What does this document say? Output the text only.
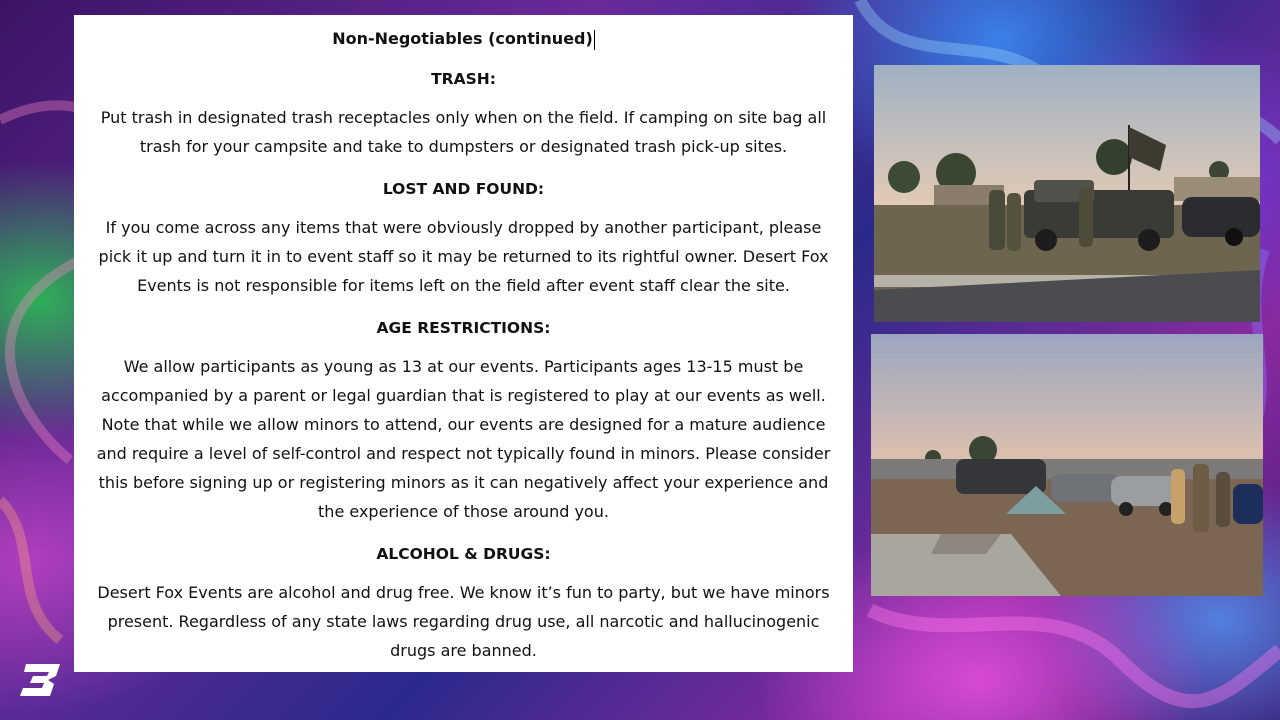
Non-Negotiables (continued)
TRASH:
Put trash in designated trash receptacles only when on the field. If camping on site bag all trash for your campsite and take to dumpsters or designated trash pick-up sites.
LOST AND FOUND:
If you come across any items that were obviously dropped by another participant, please pick it up and turn it in to event staff so it may be returned to its rightful owner. Desert Fox Events is not responsible for items left on the field after event staff clear the site.
AGE RESTRICTIONS:
We allow participants as young as 13 at our events. Participants ages 13-15 must be accompanied by a parent or legal guardian that is registered to play at our events as well. Note that while we allow minors to attend, our events are designed for a mature audience and require a level of self-control and respect not typically found in minors. Please consider this before signing up or registering minors as it can negatively affect your experience and the experience of those around you.
ALCOHOL & DRUGS:
Desert Fox Events are alcohol and drug free. We know it’s fun to party, but we have minors present. Regardless of any state laws regarding drug use, all narcotic and hallucinogenic drugs are banned.
